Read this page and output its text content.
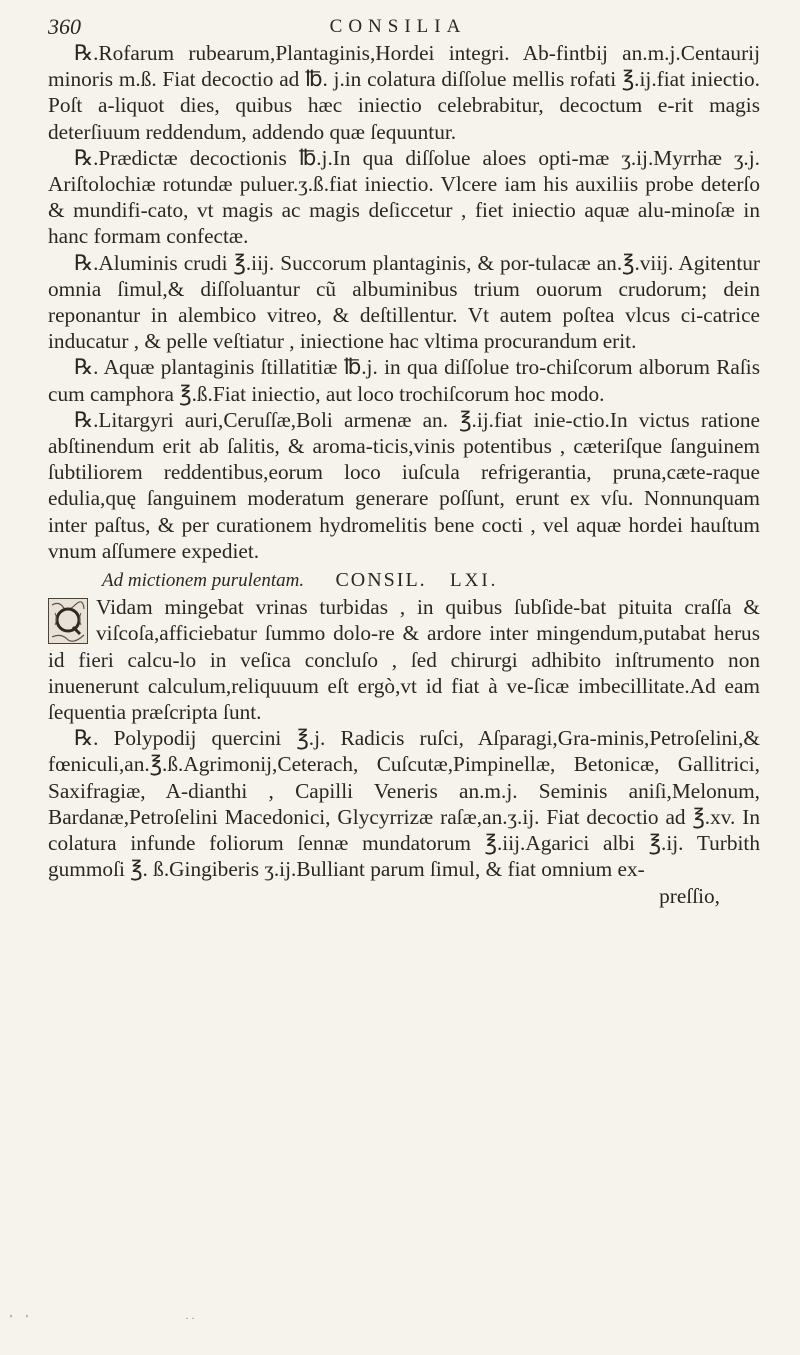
360	CONSILIA

℞.Rofarum rubearum,Plantaginis,Hordei integri. Ab-fintbij an.m.j.Centaurij minoris m.ß. Fiat decoctio ad ℔. j.in colatura diſſolue mellis rofati ℥.ij.fiat iniectio. Poſt a-liquot dies, quibus hæc iniectio celebrabitur, decoctum e-rit magis deterſiuum reddendum, addendo quæ ſequuntur.

℞.Prædictæ decoctionis ℔.j.In qua diſſolue aloes opti-mæ ʒ.ij.Myrrhæ ʒ.j. Ariſtolochiæ rotundæ puluer.ʒ.ß.fiat iniectio. Vlcere iam his auxiliis probe deterſo & mundifi-cato, vt magis ac magis deſiccetur , fiet iniectio aquæ alu-minoſæ in hanc formam confectæ.

℞.Aluminis crudi ℥.iij. Succorum plantaginis, & por-tulacæ an.℥.viij. Agitentur omnia ſimul,& diſſoluantur cũ albuminibus trium ouorum crudorum; dein reponantur in alembico vitreo, & deſtillentur. Vt autem poſtea vlcus ci-catrice inducatur , & pelle veſtiatur , iniectione hac vltima procurandum erit.

℞. Aquæ plantaginis ſtillatitiæ ℔.j. in qua diſſolue tro-chiſcorum alborum Raſis cum camphora ℥.ß.Fiat iniectio, aut loco trochiſcorum hoc modo.

℞.Litargyri auri,Ceruſſæ,Boli armenæ an. ℥.ij.fiat inie-ctio.In victus ratione abſtinendum erit ab ſalitis, & aroma-ticis,vinis potentibus , cæteriſque ſanguinem ſubtiliorem reddentibus,eorum loco iuſcula refrigerantia, pruna,cæte-raque edulia,quę ſanguinem moderatum generare poſſunt, erunt ex vſu. Nonnunquam inter paſtus, & per curationem hydromelitis bene cocti , vel aquæ hordei hauſtum vnum aſſumere expediet.

Ad mictionem purulentam. CONSIL. LXI.

Vidam mingebat vrinas turbidas , in quibus ſubſide-bat pituita craſſa & viſcoſa,afficiebatur ſummo dolo-re & ardore inter mingendum,putabat herus id fieri calcu-lo in veſica concluſo , ſed chirurgi adhibito inſtrumento non inuenerunt calculum,reliquuum eſt ergò,vt id fiat à ve-ſicæ imbecillitate.Ad eam ſequentia præſcripta ſunt.

℞. Polypodij quercini ℥.j. Radicis ruſci, Aſparagi,Gra-minis,Petroſelini,& fœniculi,an.℥.ß.Agrimonij,Ceterach, Cuſcutæ,Pimpinellæ, Betonicæ, Gallitrici, Saxifragiæ, A-dianthi , Capilli Veneris an.m.j. Seminis aniſi,Melonum, Bardanæ,Petroſelini Macedonici, Glycyrrizæ raſæ,an.ʒ.ij. Fiat decoctio ad ℥.xv. In colatura infunde foliorum ſennæ mundatorum ℥.iij.Agarici albi ℥.ij. Turbith gummoſi ℥. ß.Gingiberis ʒ.ij.Bulliant parum ſimul, & fiat omnium ex-

preſſio,

᾿ ᾿	˙˙
